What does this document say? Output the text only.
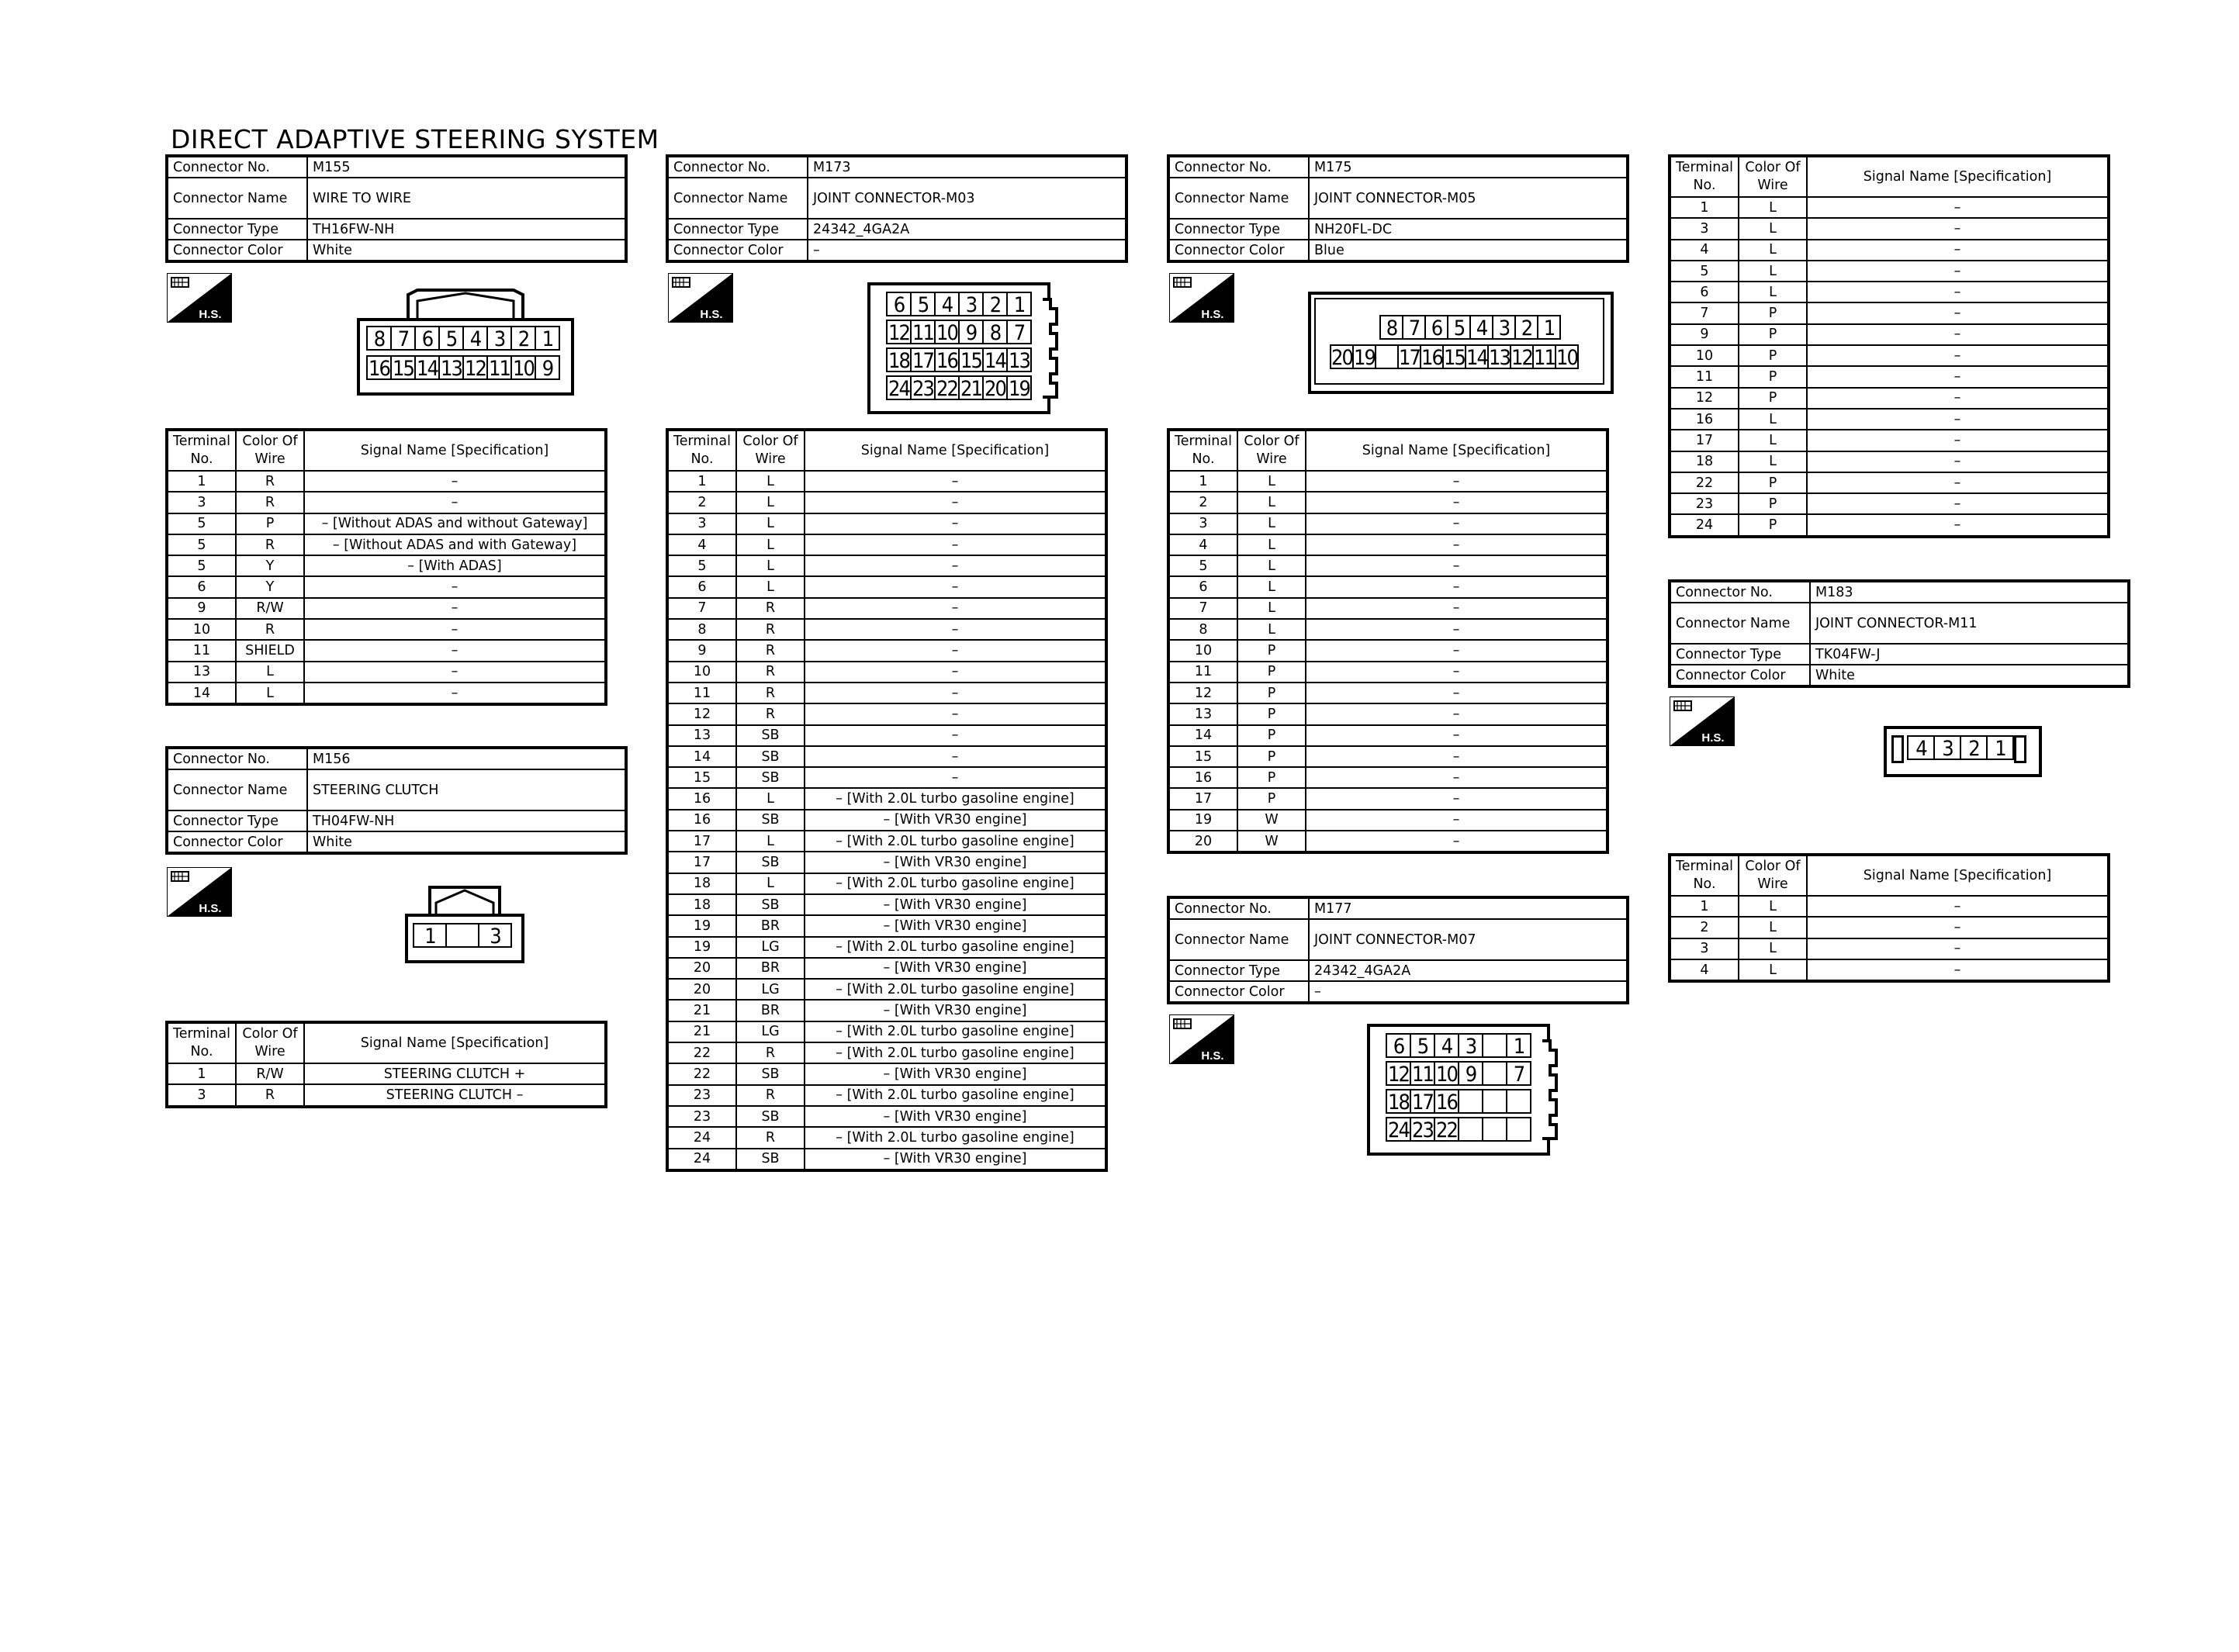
DIRECT ADAPTIVE STEERING SYSTEM
Connector No.	M155
Connector Name	WIRE TO WIRE
Connector Type	TH16FW-NH
Connector Color	White
Connector No.	M156
Connector Name	STEERING CLUTCH
Connector Type	TH04FW-NH
Connector Color	White
Connector No.	M173
Connector Name	JOINT CONNECTOR-M03
Connector Type	24342_4GA2A
Connector Color	–
Connector No.	M175
Connector Name	JOINT CONNECTOR-M05
Connector Type	NH20FL-DC
Connector Color	Blue
Connector No.	M177
Connector Name	JOINT CONNECTOR-M07
Connector Type	24342_4GA2A
Connector Color	–
Connector No.	M183
Connector Name	JOINT CONNECTOR-M11
Connector Type	TK04FW-J
Connector Color	White
H.S.
H.S.
H.S.	H.S.
H.S.
H.S.
8 7 6 5 4 3 2 1
16 15 14 13 12 11 10 9
1	3
6 5 4 3 2 1
12 11 10 9 8 7
18 17 16 15 14 13
24 23 22 21 20 19
8 7 6 5 4 3 2 1
20 19 17 16 15 14 13 12 11 10
6 5 4 3	1
12 11 10 9	7
18 17 16
24 23 22
4 3 2 1
Terminal No.	Color Of Wire	Signal Name [Specification]
1	R	–
3	R	–
5	P	– [Without ADAS and without Gateway]
5	R	– [Without ADAS and with Gateway]
5	Y	– [With ADAS]
6	Y	–
9	R/W	–
10	R	–
11	SHIELD	–
13	L	–
14	L	–
Terminal No.	Color Of Wire	Signal Name [Specification]
1	R/W	STEERING CLUTCH +
3	R	STEERING CLUTCH –
Terminal No.	Color Of Wire	Signal Name [Specification]
1	L	–
2	L	–
3	L	–
4	L	–
5	L	–
6	L	–
7	R	–
8	R	–
9	R	–
10	R	–
11	R	–
12	R	–
13	SB	–
14	SB	–
15	SB	–
16	L	– [With 2.0L turbo gasoline engine]
16	SB	– [With VR30 engine]
17	L	– [With 2.0L turbo gasoline engine]
17	SB	– [With VR30 engine]
18	L	– [With 2.0L turbo gasoline engine]
18	SB	– [With VR30 engine]
19	BR	– [With VR30 engine]
19	LG	– [With 2.0L turbo gasoline engine]
20	BR	– [With VR30 engine]
20	LG	– [With 2.0L turbo gasoline engine]
21	BR	– [With VR30 engine]
21	LG	– [With 2.0L turbo gasoline engine]
22	R	– [With 2.0L turbo gasoline engine]
22	SB	– [With VR30 engine]
23	R	– [With 2.0L turbo gasoline engine]
23	SB	– [With VR30 engine]
24	R	– [With 2.0L turbo gasoline engine]
24	SB	– [With VR30 engine]
Terminal No.	Color Of Wire	Signal Name [Specification]
1	L	–
2	L	–
3	L	–
4	L	–
5	L	–
6	L	–
7	L	–
8	L	–
10	P	–
11	P	–
12	P	–
13	P	–
14	P	–
15	P	–
16	P	–
17	P	–
19	W	–
20	W	–
Terminal No.	Color Of Wire	Signal Name [Specification]
1	L	–
3	L	–
4	L	–
5	L	–
6	L	–
7	P	–
9	P	–
10	P	–
11	P	–
12	P	–
16	L	–
17	L	–
18	L	–
22	P	–
23	P	–
24	P	–
Terminal No.	Color Of Wire	Signal Name [Specification]
1	L	–
2	L	–
3	L	–
4	L	–
